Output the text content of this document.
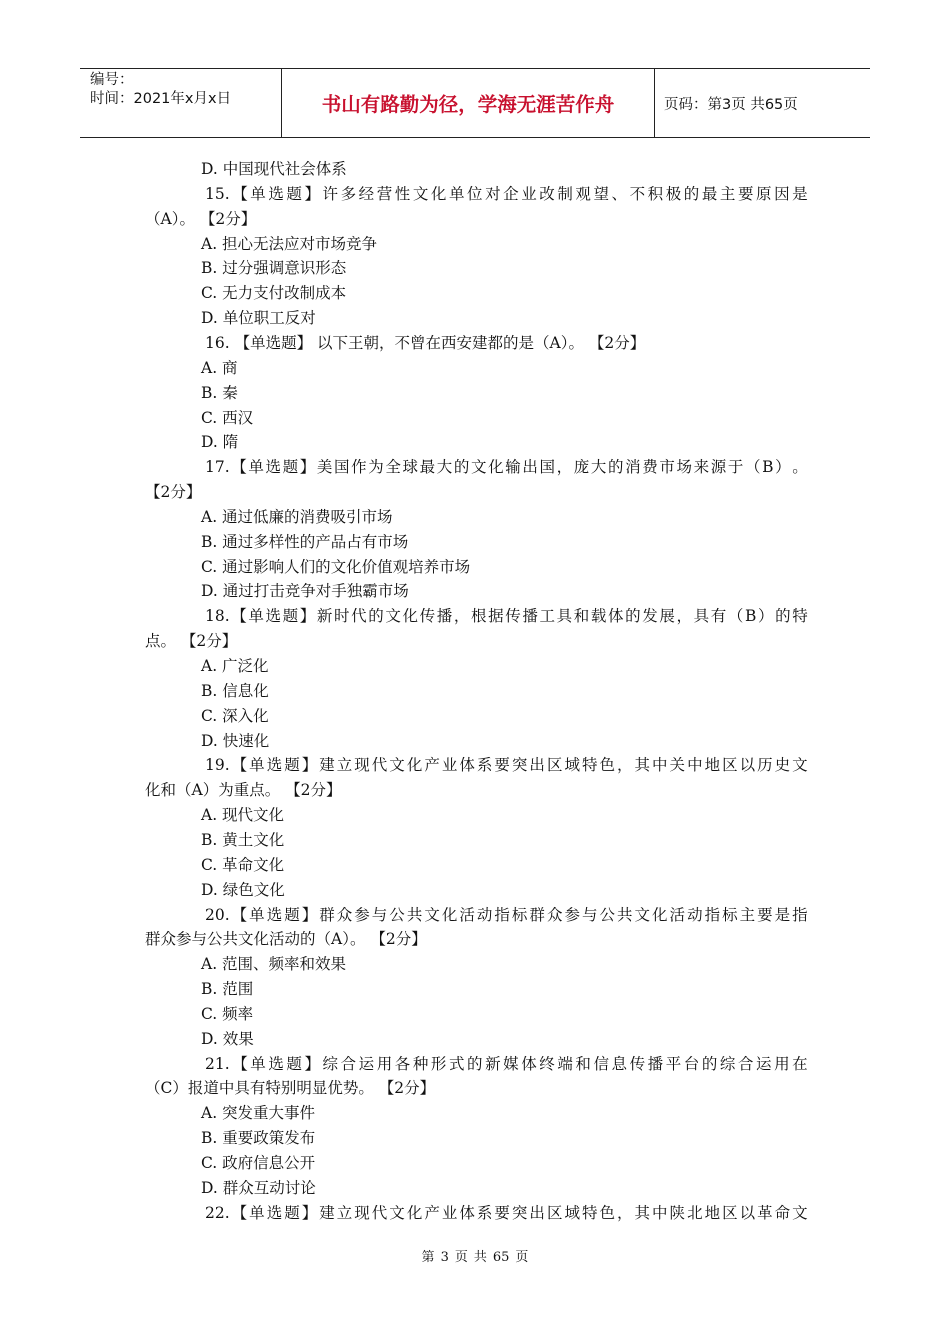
编号：
时间：2021年x月x日	书山有路勤为径，学海无涯苦作舟	页码：第3页 共65页
D. 中国现代社会体系
15. 【 单 选 题 】 许 多 经 营 性 文 化 单 位 对 企 业 改 制 观 望 、 不 积 极 的 最 主 要 原 因 是
（A）。 【2分】
A. 担心无法应对市场竞争
B. 过分强调意识形态
C. 无力支付改制成本
D. 单位职工反对
16. 【单选题】 以下王朝，不曾在西安建都的是（A）。 【2分】
A. 商
B. 秦
C. 西汉
D. 隋
17. 【 单 选 题 】 美 国 作 为 全 球 最 大 的 文 化 输 出 国 ， 庞 大 的 消 费 市 场 来 源 于 （ B ） 。
【2分】
A. 通过低廉的消费吸引市场
B. 通过多样性的产品占有市场
C. 通过影响人们的文化价值观培养市场
D. 通过打击竞争对手独霸市场
18. 【 单 选 题 】 新 时 代 的 文 化 传 播 ， 根 据 传 播 工 具 和 载 体 的 发 展 ， 具 有 （ B ） 的 特
点。 【2分】
A. 广泛化
B. 信息化
C. 深入化
D. 快速化
19. 【 单 选 题 】 建 立 现 代 文 化 产 业 体 系 要 突 出 区 域 特 色 ， 其 中 关 中 地 区 以 历 史 文
化和（A）为重点。 【2分】
A. 现代文化
B. 黄土文化
C. 革命文化
D. 绿色文化
20. 【 单 选 题 】 群 众 参 与 公 共 文 化 活 动 指 标 群 众 参 与 公 共 文 化 活 动 指 标 主 要 是 指
群众参与公共文化活动的（A）。 【2分】
A. 范围、频率和效果
B. 范围
C. 频率
D. 效果
21. 【 单 选 题 】 综 合 运 用 各 种 形 式 的 新 媒 体 终 端 和 信 息 传 播 平 台 的 综 合 运 用 在
（C）报道中具有特别明显优势。 【2分】
A. 突发重大事件
B. 重要政策发布
C. 政府信息公开
D. 群众互动讨论
22. 【 单 选 题 】 建 立 现 代 文 化 产 业 体 系 要 突 出 区 域 特 色 ， 其 中 陕 北 地 区 以 革 命 文
第 3 页 共 65 页
